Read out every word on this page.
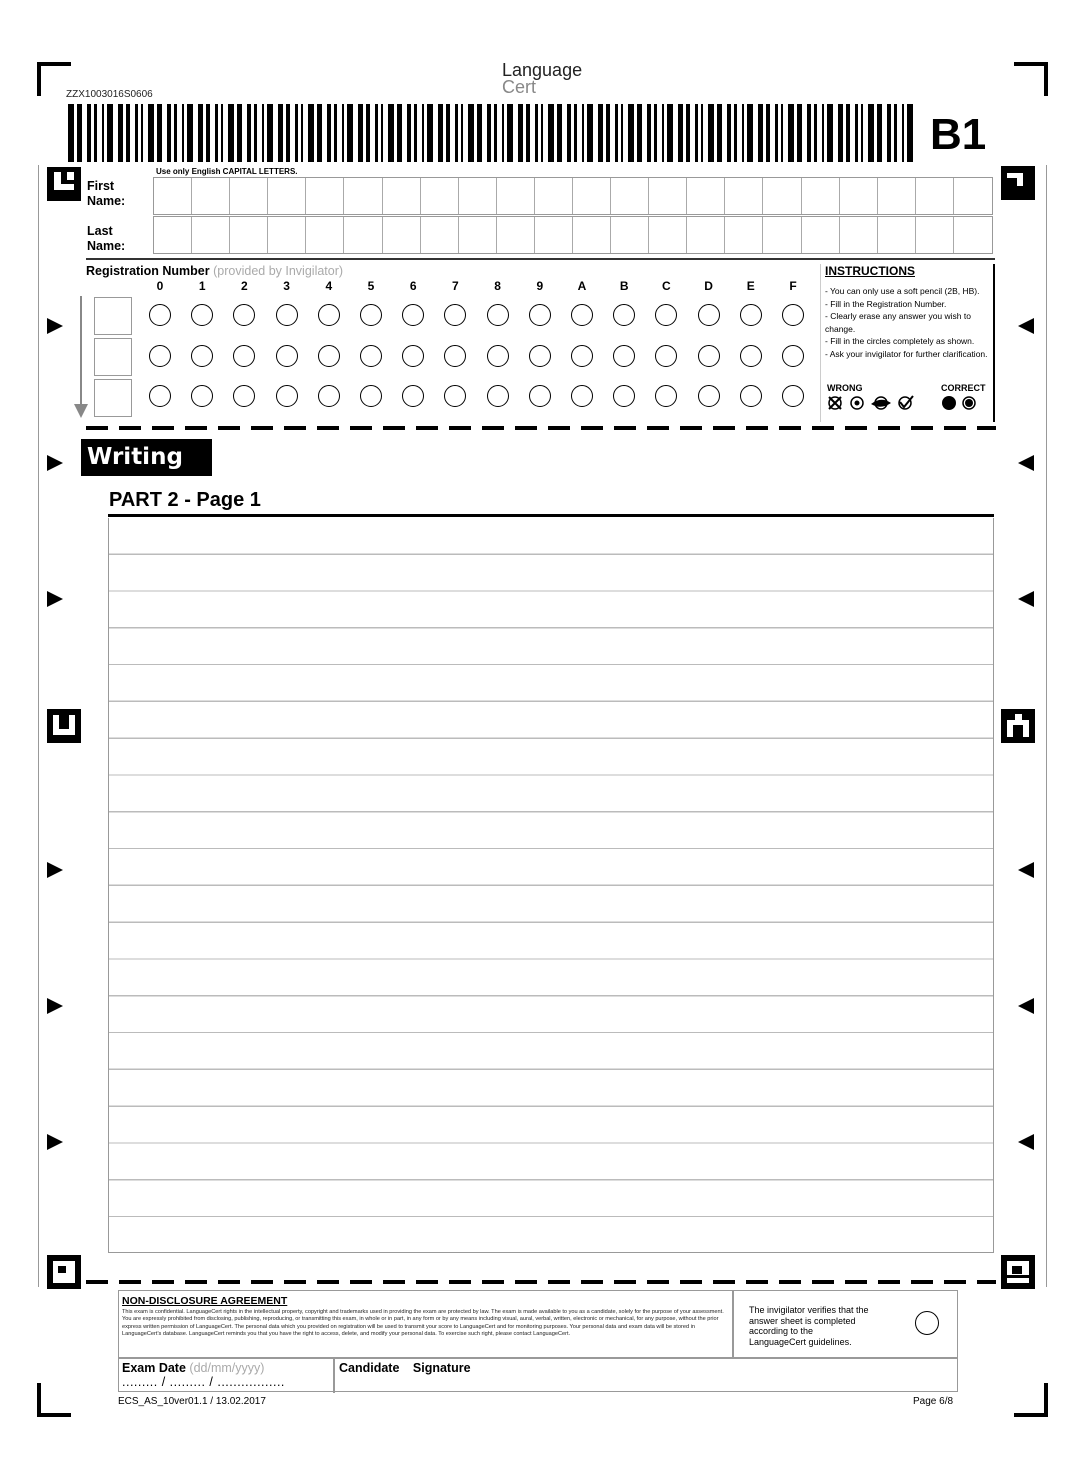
ZZX1003016S0606
Language
Cert
B1
Use only English CAPITAL LETTERS.
First Name:
Last Name:
Registration Number (provided by Invigilator)
0	1	2	3	4	5	6	7	8	9	A	B	C	D	E	F
INSTRUCTIONS
- You can only use a soft pencil (2B, HB).
- Fill in the Registration Number.
- Clearly erase any answer you wish to change.
- Fill in the circles completely as shown.
- Ask your invigilator for further clarification.
WRONG	CORRECT
Writing
PART 2 - Page 1
NON-DISCLOSURE AGREEMENT
This exam is confidential. LanguageCert rights in the intellectual property, copyright and trademarks used in providing the exam are protected by law. The exam is made available to you as a candidate, solely for the purpose of your assessment. You are expressly prohibited from disclosing, publishing, reproducing, or transmitting this exam, in whole or in part, in any form or by any means including visual, aural, verbal, written, electronic or mechanical, for any purpose, without the prior express written permission of LanguageCert. The personal data which you provided on registration will be used to transmit your score to LanguageCert and for monitoring purposes. Your personal data and exam data will be stored in LanguageCert's database. LanguageCert reminds you that you have the right to access, delete, and modify your personal data. To exercise such right, please contact LanguageCert.
The invigilator verifies that the answer sheet is completed according to the LanguageCert guidelines.
Exam Date (dd/mm/yyyy)
......... / ......... / .................
Candidate Signature
ECS_AS_10ver01.1 / 13.02.2017	Page 6/8
